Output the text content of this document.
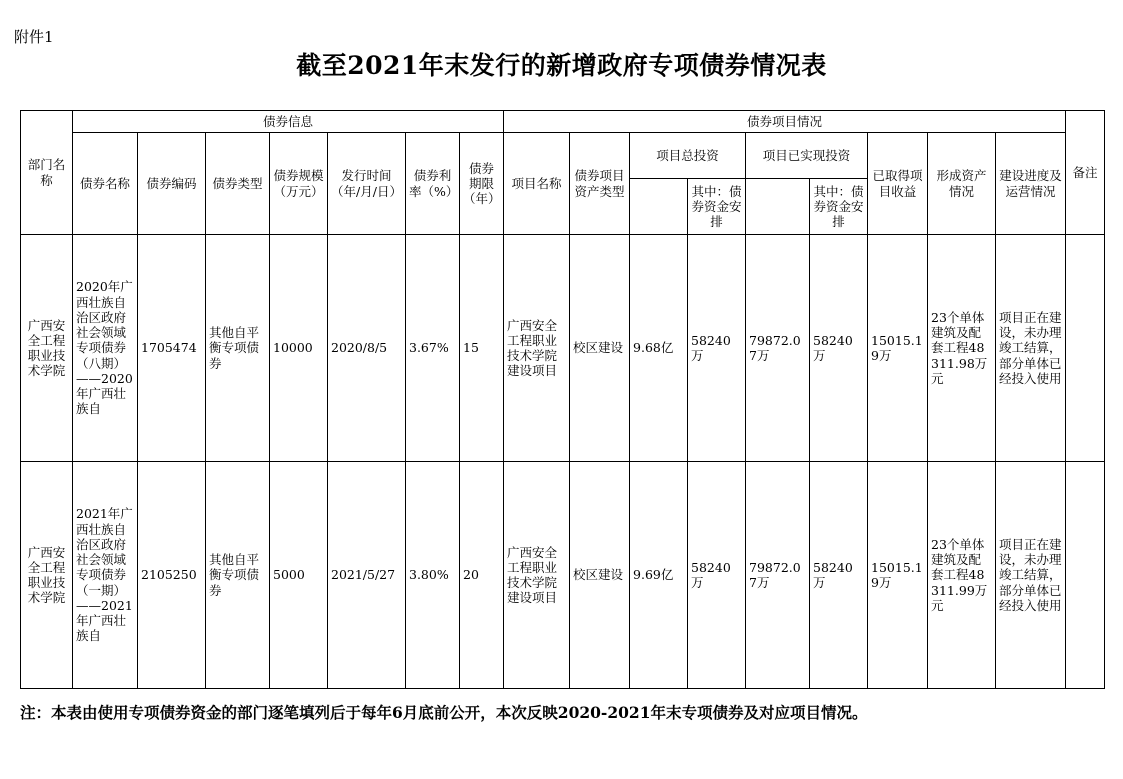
附件1
截至2021年末发行的新增政府专项债券情况表
部门名称	债券信息							债券项目情况									备注
	债券名称	债券编码	债券类型	债券规模（万元）	发行时间（年/月/日）	债券利率（%）	债券期限（年）	项目名称	债券项目资产类型	项目总投资		项目已实现投资		已取得项目收益	形成资产情况	建设进度及运营情况	
											其中：债券资金安排		其中：债券资金安排				
广西安全工程职业技术学院	2020年广西壮族自治区政府社会领域专项债券（八期）——2020年广西壮族自	1705474	其他自平衡专项债券	10000	2020/8/5	3.67%	15	广西安全工程职业技术学院建设项目	校区建设	9.68亿	58240万	79872.07万	58240万	15015.19万	23个单体建筑及配套工程48311.98万元	项目正在建设，未办理竣工结算，部分单体已经投入使用	
广西安全工程职业技术学院	2021年广西壮族自治区政府社会领域专项债券（一期）——2021年广西壮族自	2105250	其他自平衡专项债券	5000	2021/5/27	3.80%	20	广西安全工程职业技术学院建设项目	校区建设	9.69亿	58240万	79872.07万	58240万	15015.19万	23个单体建筑及配套工程48311.99万元	项目正在建设，未办理竣工结算，部分单体已经投入使用	
注：本表由使用专项债券资金的部门逐笔填列后于每年6月底前公开，本次反映2020-2021年末专项债券及对应项目情况。
